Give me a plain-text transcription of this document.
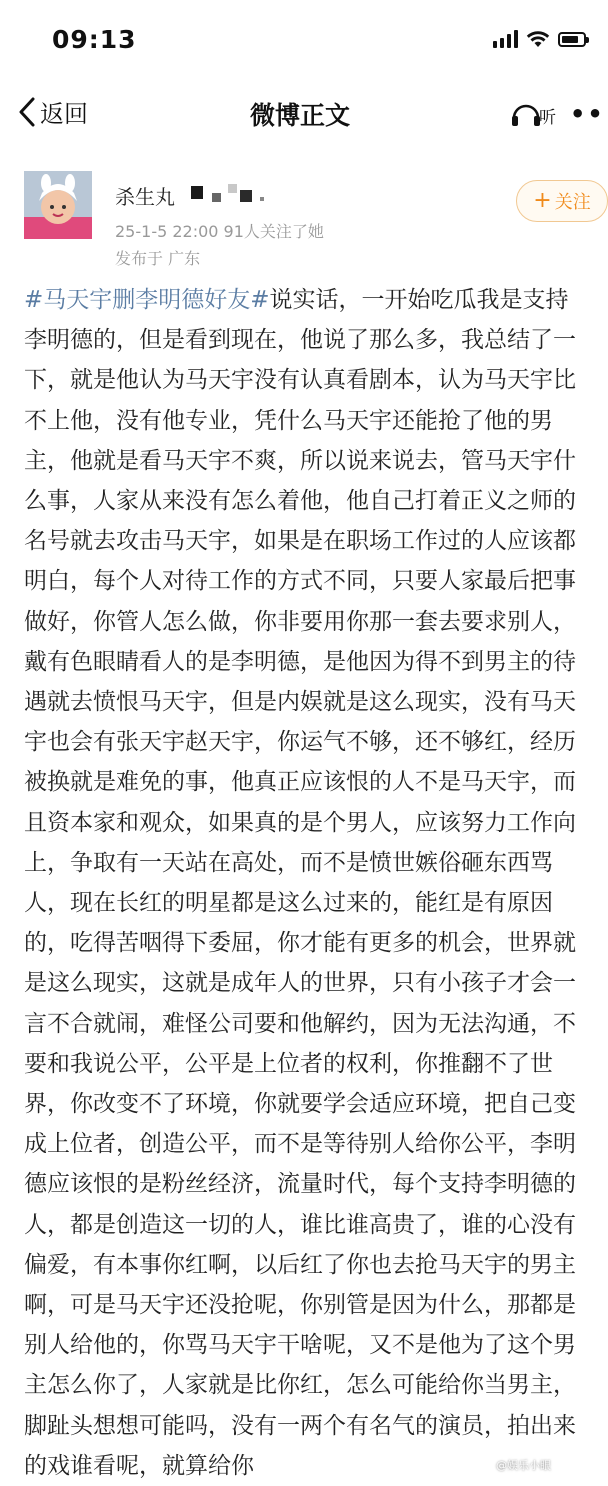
09:13
返回	微博正文	听 ••
杀生丸
25-1-5 22:00 91人关注了她
发布于 广东
+ 关注
#马天宇删李明德好友#说实话，一开始吃瓜我是支持李明德的，但是看到现在，他说了那么多，我总结了一下，就是他认为马天宇没有认真看剧本，认为马天宇比不上他，没有他专业，凭什么马天宇还能抢了他的男主，他就是看马天宇不爽，所以说来说去，管马天宇什么事，人家从来没有怎么着他，他自己打着正义之师的名号就去攻击马天宇，如果是在职场工作过的人应该都明白，每个人对待工作的方式不同，只要人家最后把事做好，你管人怎么做，你非要用你那一套去要求别人，戴有色眼睛看人的是李明德，是他因为得不到男主的待遇就去愤恨马天宇，但是内娱就是这么现实，没有马天宇也会有张天宇赵天宇，你运气不够，还不够红，经历被换就是难免的事，他真正应该恨的人不是马天宇，而且资本家和观众，如果真的是个男人，应该努力工作向上，争取有一天站在高处，而不是愤世嫉俗砸东西骂人，现在长红的明星都是这么过来的，能红是有原因的，吃得苦咽得下委屈，你才能有更多的机会，世界就是这么现实，这就是成年人的世界，只有小孩子才会一言不合就闹，难怪公司要和他解约，因为无法沟通，不要和我说公平，公平是上位者的权利，你推翻不了世界，你改变不了环境，你就要学会适应环境，把自己变成上位者，创造公平，而不是等待别人给你公平，李明德应该恨的是粉丝经济，流量时代，每个支持李明德的人，都是创造这一切的人，谁比谁高贵了，谁的心没有偏爱，有本事你红啊，以后红了你也去抢马天宇的男主啊，可是马天宇还没抢呢，你别管是因为什么，那都是别人给他的，你骂马天宇干啥呢，又不是他为了这个男主怎么你了，人家就是比你红，怎么可能给你当男主，脚趾头想想可能吗，没有一两个有名气的演员，拍出来的戏谁看呢，就算给你	@娱乐小眼
